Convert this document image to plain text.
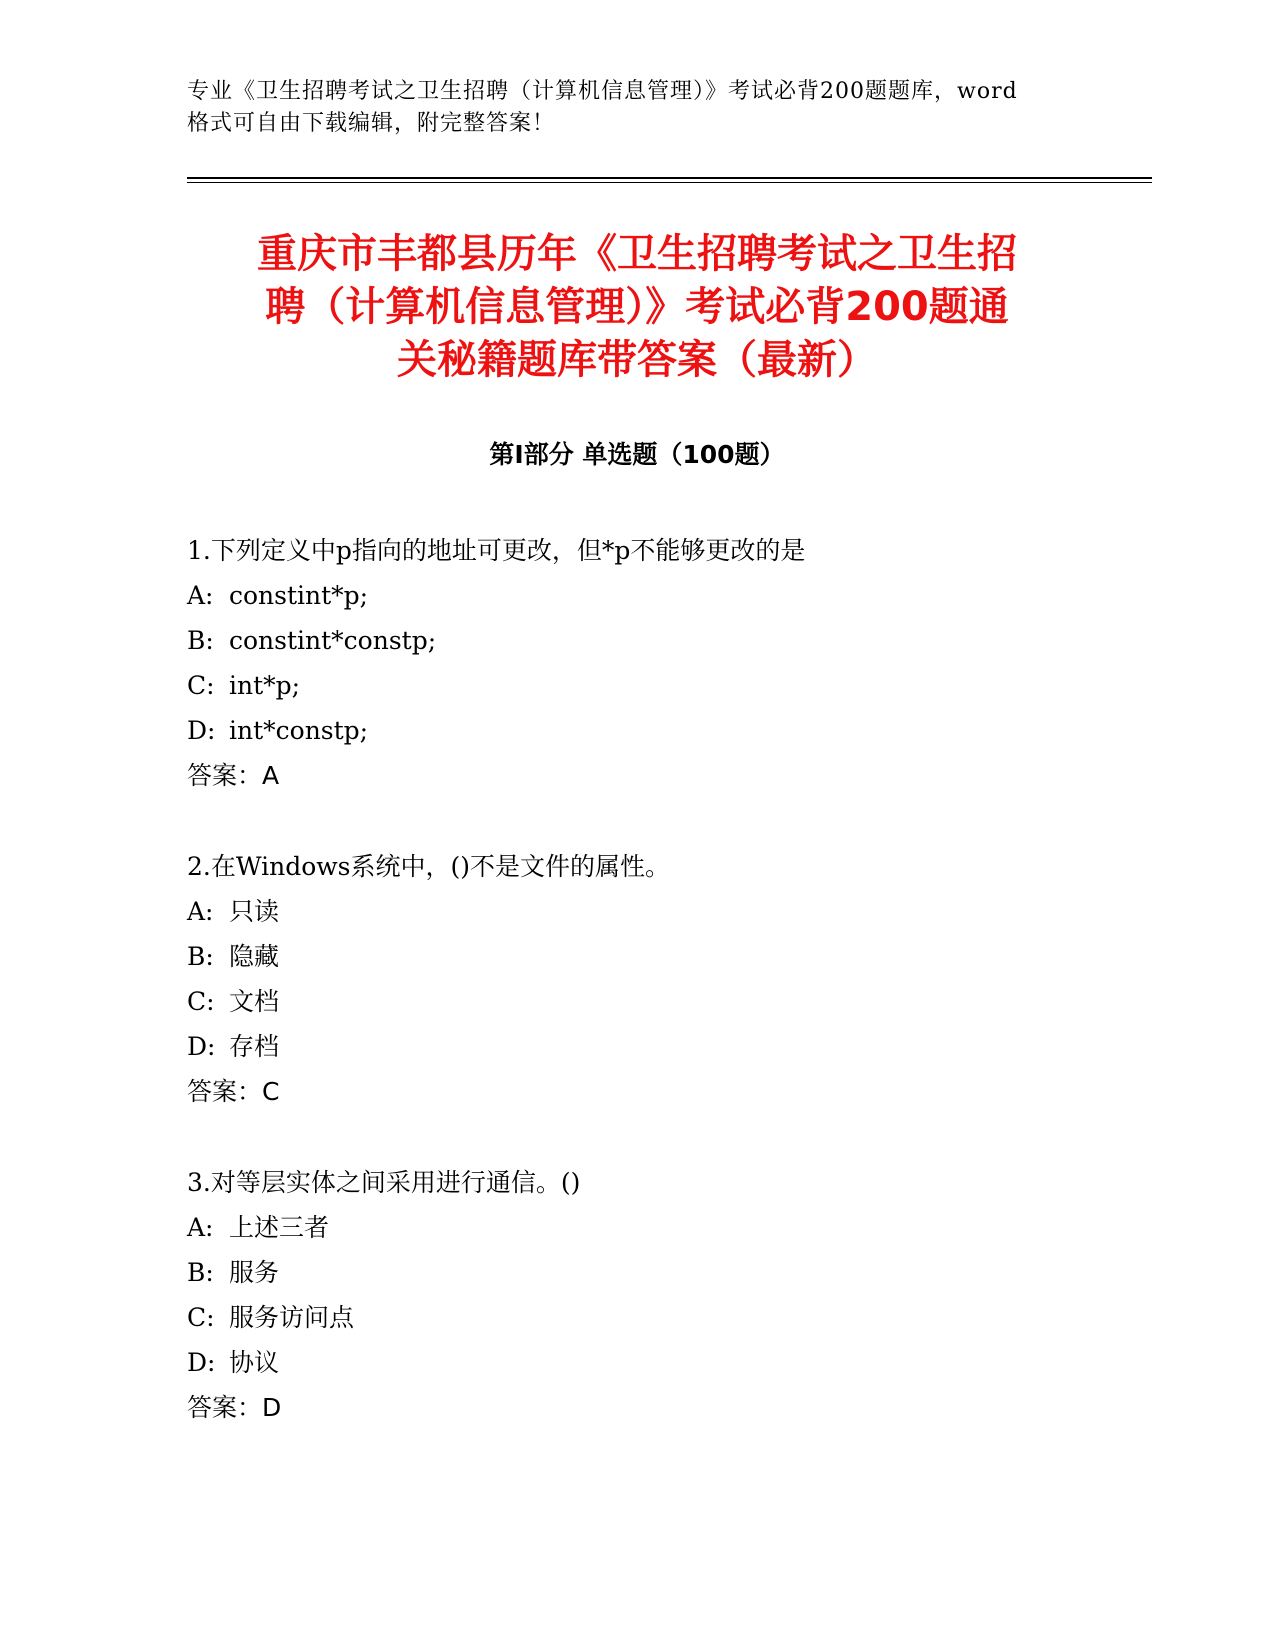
专业《卫生招聘考试之卫生招聘（计算机信息管理）》考试必背200题题库，word
格式可自由下载编辑，附完整答案！
重庆市丰都县历年《卫生招聘考试之卫生招
聘（计算机信息管理）》考试必背200题通
关秘籍题库带答案（最新）
第Ⅰ部分 单选题（100题）
1.下列定义中p指向的地址可更改，但*p不能够更改的是
A: constint*p;
B: constint*constp;
C: int*p;
D: int*constp;
答案：A
2.在Windows系统中，()不是文件的属性。
A: 只读
B: 隐藏
C: 文档
D: 存档
答案：C
3.对等层实体之间采用进行通信。()
A: 上述三者
B: 服务
C: 服务访问点
D: 协议
答案：D
